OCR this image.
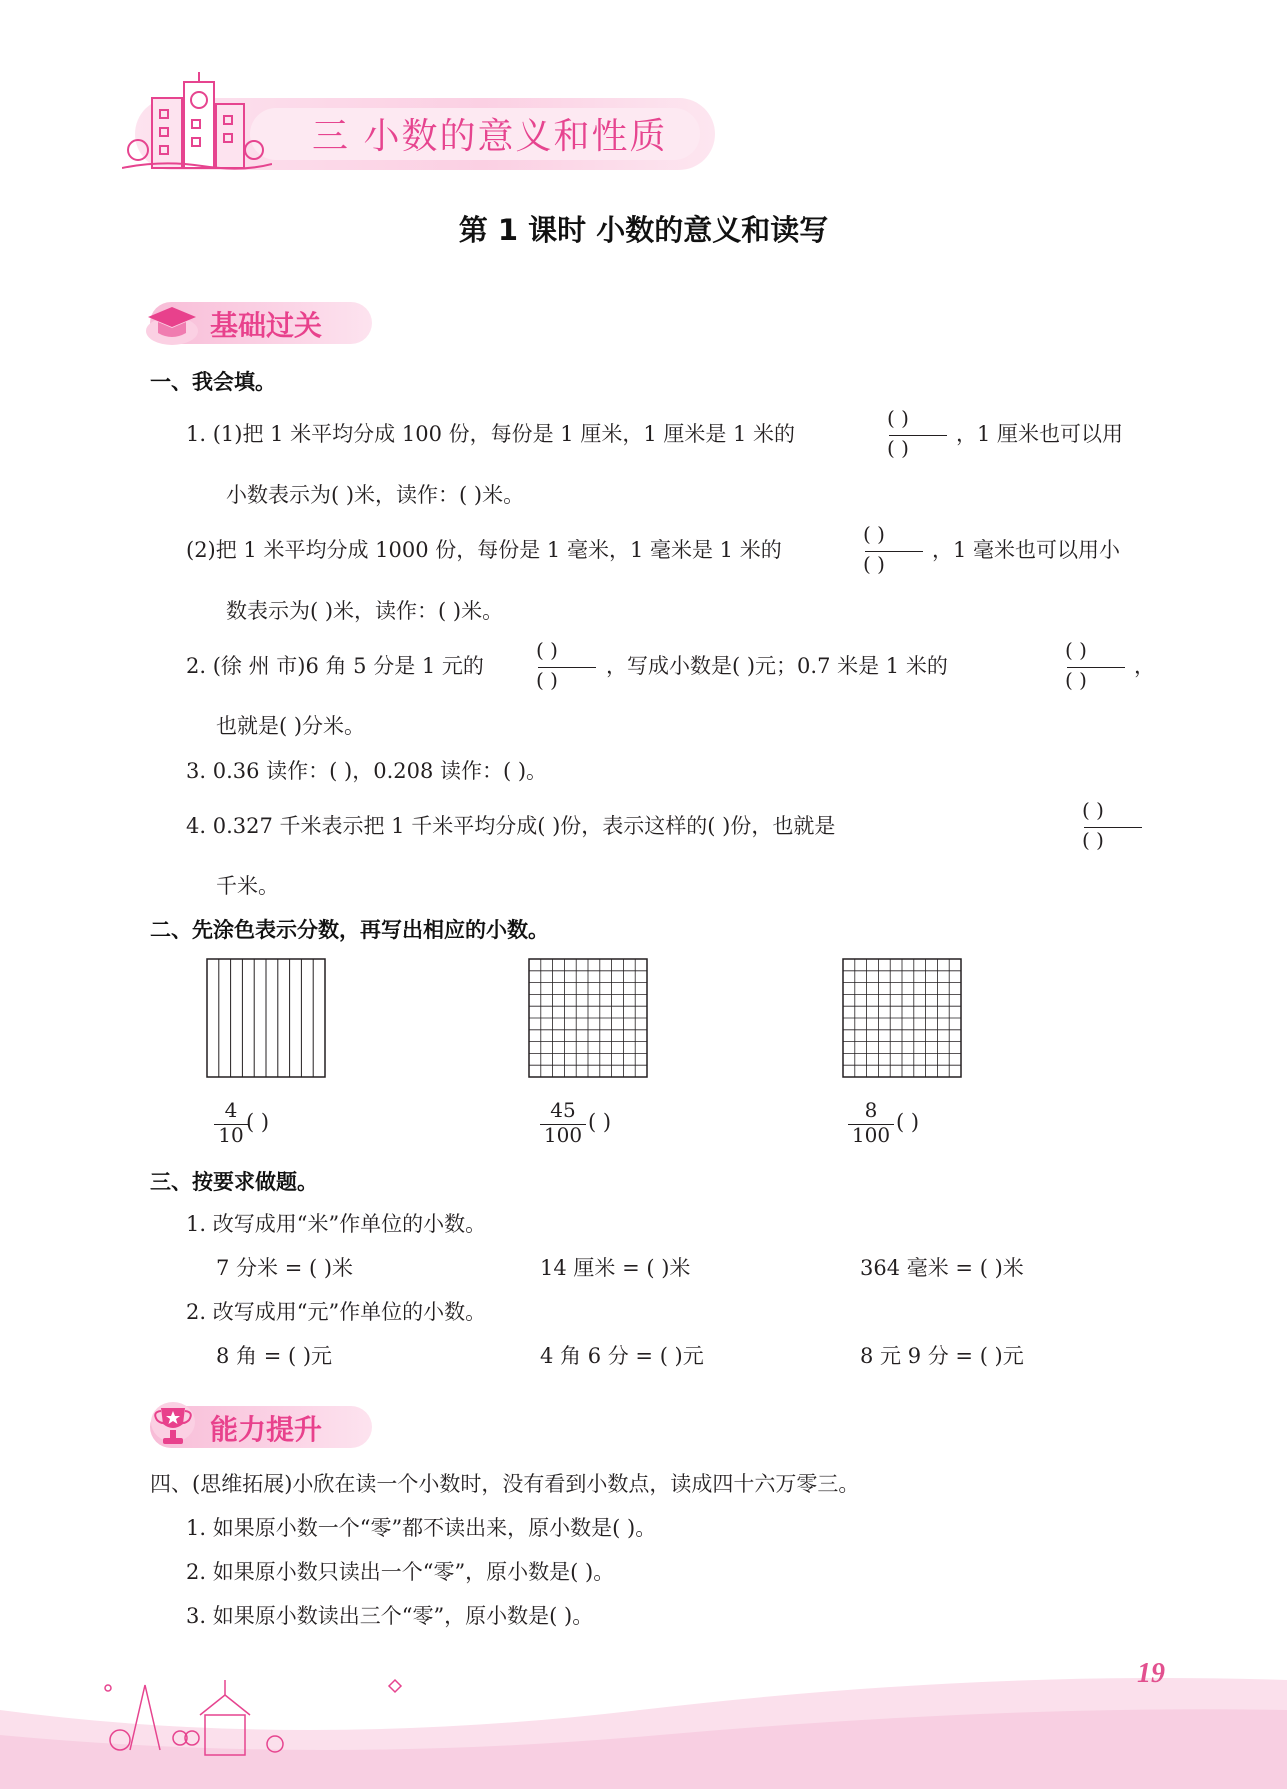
三 小数的意义和性质
第 1 课时 小数的意义和读写
基础过关
一、我会填。
1. (1)把 1 米平均分成 100 份，每份是 1 厘米，1 厘米是 1 米的
( )
( )
，1 厘米也可以用
小数表示为( )米，读作：( )米。
(2)把 1 米平均分成 1000 份，每份是 1 毫米，1 毫米是 1 米的
( )
( )
，1 毫米也可以用小
数表示为( )米，读作：( )米。
2. (徐 州 市)6 角 5 分是 1 元的
( )
( )
，写成小数是( )元；0.7 米是 1 米的
( )
( )
，
也就是( )分米。
3. 0.36 读作：( )，0.208 读作：( )。
4. 0.327 千米表示把 1 千米平均分成( )份，表示这样的( )份，也就是
( )
( )
千米。
二、先涂色表示分数，再写出相应的小数。
4
10
( )	45
100
( )	8
100
( )
三、按要求做题。
1. 改写成用“米”作单位的小数。
7 分米 = ( )米	14 厘米 = ( )米	364 毫米 = ( )米
2. 改写成用“元”作单位的小数。
8 角 = ( )元	4 角 6 分 = ( )元	8 元 9 分 = ( )元
能力提升
四、(思维拓展)小欣在读一个小数时，没有看到小数点，读成四十六万零三。
1. 如果原小数一个“零”都不读出来，原小数是( )。
2. 如果原小数只读出一个“零”，原小数是( )。
3. 如果原小数读出三个“零”，原小数是( )。
19
